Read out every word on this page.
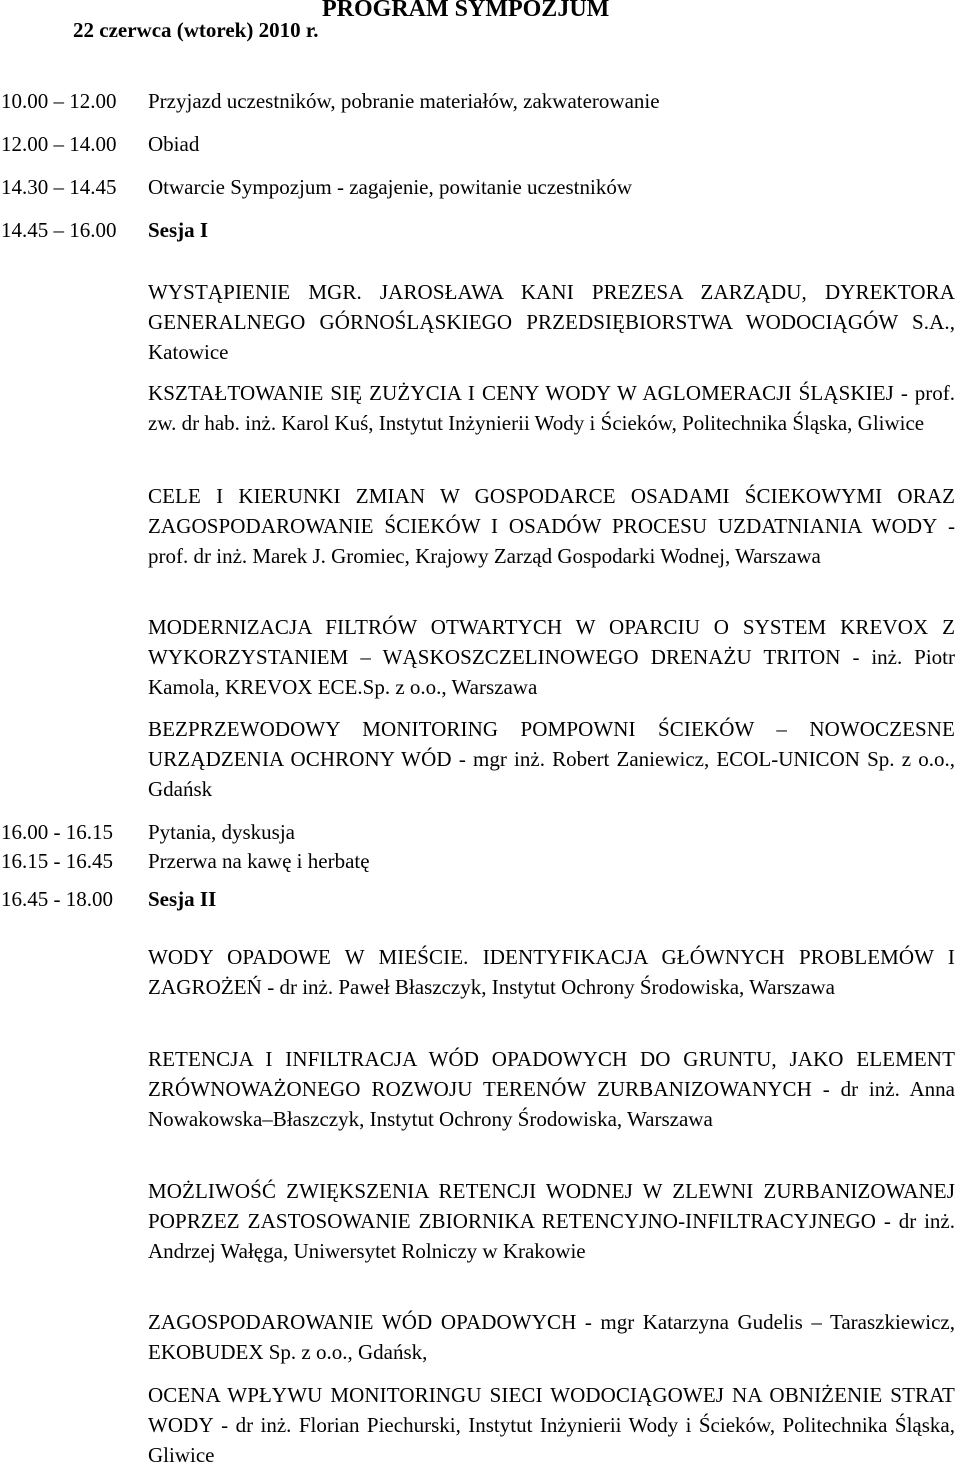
PROGRAM SYMPOZJUM
22 czerwca (wtorek) 2010 r.
10.00 – 12.00 Przyjazd uczestników, pobranie materiałów, zakwaterowanie
12.00 – 14.00 Obiad
14.30 – 14.45 Otwarcie Sympozjum - zagajenie, powitanie uczestników
14.45 – 16.00 Sesja I
WYSTĄPIENIE MGR. JAROSŁAWA KANI PREZESA ZARZĄDU, DYREKTORA GENERALNEGO GÓRNOŚLĄSKIEGO PRZEDSIĘBIORSTWA WODOCIĄGÓW S.A., Katowice
KSZTAŁTOWANIE SIĘ ZUŻYCIA I CENY WODY W AGLOMERACJI ŚLĄSKIEJ - prof. zw. dr hab. inż. Karol Kuś, Instytut Inżynierii Wody i Ścieków, Politechnika Śląska, Gliwice
CELE I KIERUNKI ZMIAN W GOSPODARCE OSADAMI ŚCIEKOWYMI ORAZ ZAGOSPODAROWANIE ŚCIEKÓW I OSADÓW PROCESU UZDATNIANIA WODY - prof. dr inż. Marek J. Gromiec, Krajowy Zarząd Gospodarki Wodnej, Warszawa
MODERNIZACJA FILTRÓW OTWARTYCH W OPARCIU O SYSTEM KREVOX Z WYKORZYSTANIEM – WĄSKOSZCZELINOWEGO DRENAŻU TRITON - inż. Piotr Kamola, KREVOX ECE.Sp. z o.o., Warszawa
BEZPRZEWODOWY MONITORING POMPOWNI ŚCIEKÓW – NOWOCZESNE URZĄDZENIA OCHRONY WÓD - mgr inż. Robert Zaniewicz, ECOL-UNICON Sp. z o.o., Gdańsk
16.00 - 16.15 Pytania, dyskusja
16.15 - 16.45 Przerwa na kawę i herbatę
16.45 - 18.00 Sesja II
WODY OPADOWE W MIEŚCIE. IDENTYFIKACJA GŁÓWNYCH PROBLEMÓW I ZAGROŻEŃ - dr inż. Paweł Błaszczyk, Instytut Ochrony Środowiska, Warszawa
RETENCJA I INFILTRACJA WÓD OPADOWYCH DO GRUNTU, JAKO ELEMENT ZRÓWNOWAŻONEGO ROZWOJU TERENÓW ZURBANIZOWANYCH - dr inż. Anna Nowakowska–Błaszczyk, Instytut Ochrony Środowiska, Warszawa
MOŻLIWOŚĆ ZWIĘKSZENIA RETENCJI WODNEJ W ZLEWNI ZURBANIZOWANEJ POPRZEZ ZASTOSOWANIE ZBIORNIKA RETENCYJNO-INFILTRACYJNEGO - dr inż. Andrzej Wałęga, Uniwersytet Rolniczy w Krakowie
ZAGOSPODAROWANIE WÓD OPADOWYCH - mgr Katarzyna Gudelis – Taraszkiewicz, EKOBUDEX Sp. z o.o., Gdańsk,
OCENA WPŁYWU MONITORINGU SIECI WODOCIĄGOWEJ NA OBNIŻENIE STRAT WODY - dr inż. Florian Piechurski, Instytut Inżynierii Wody i Ścieków, Politechnika Śląska, Gliwice
